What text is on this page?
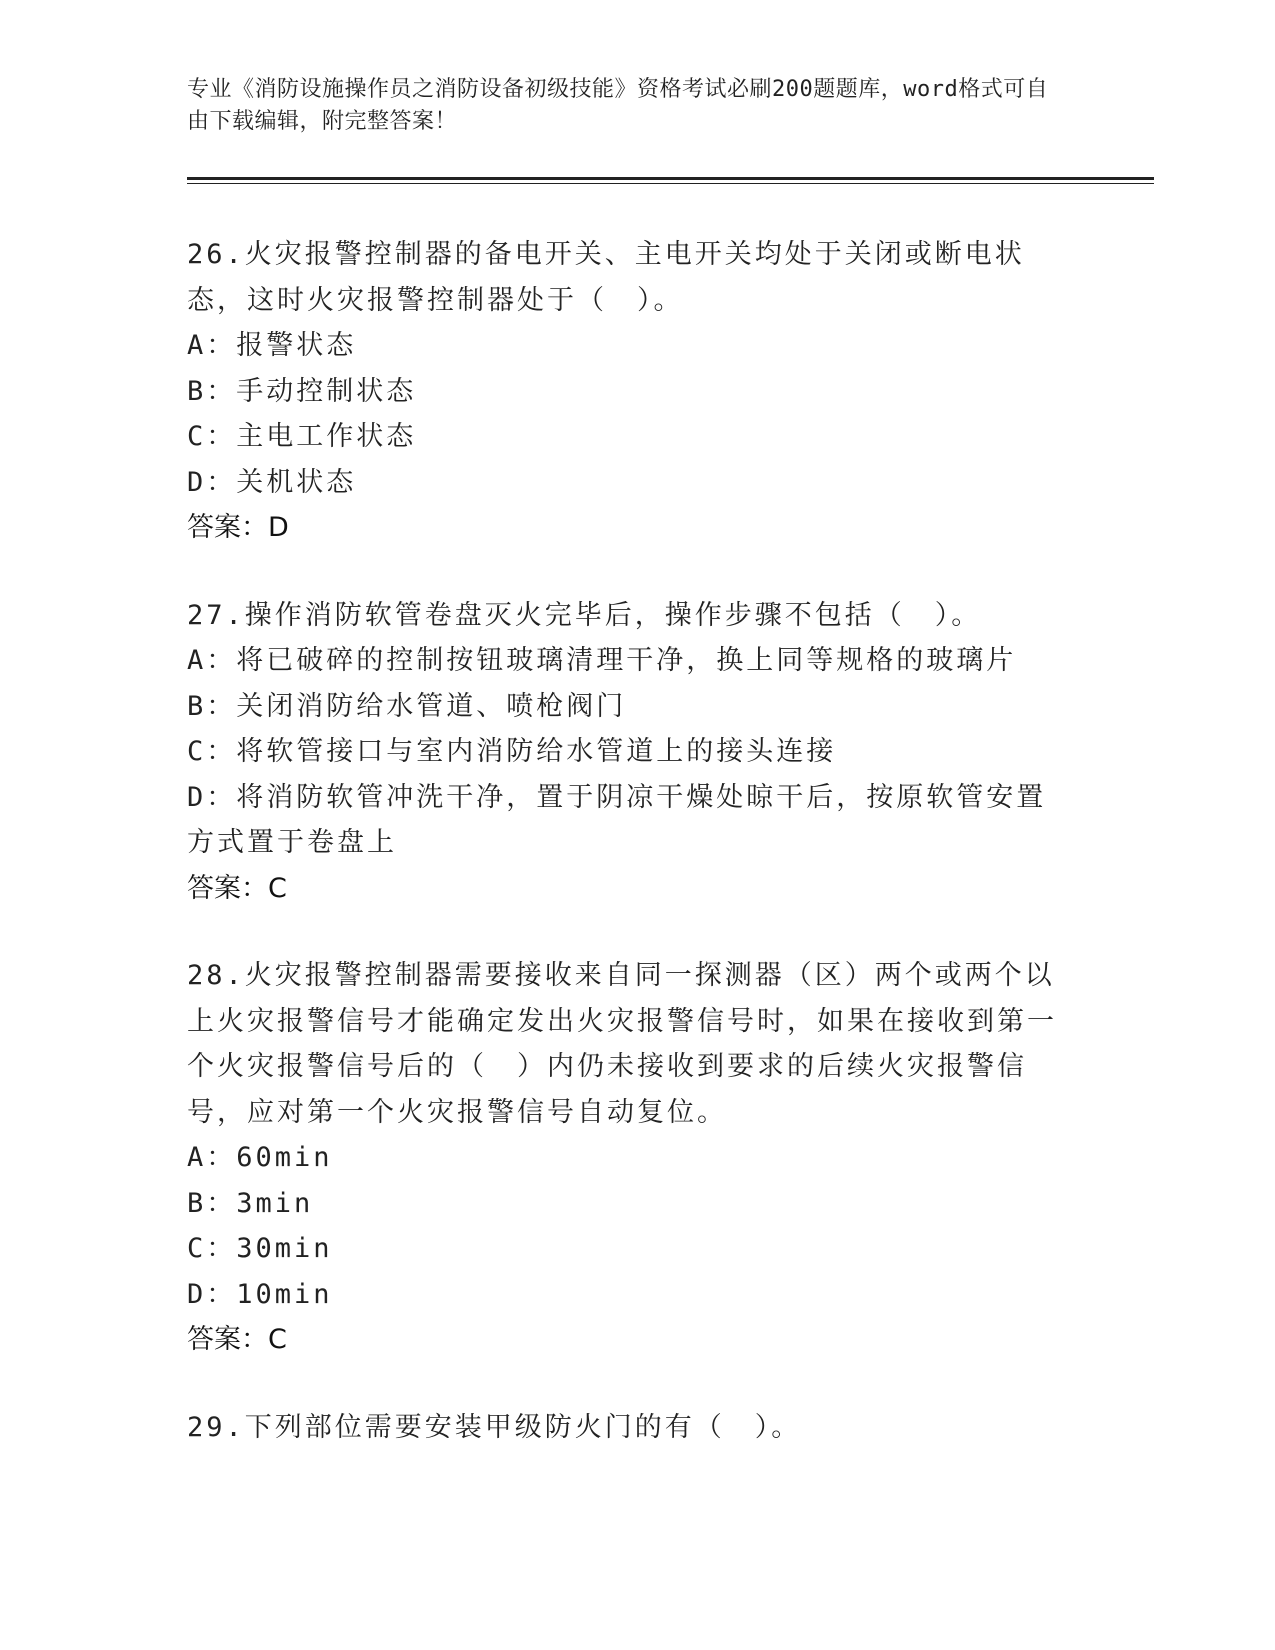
专业《消防设施操作员之消防设备初级技能》资格考试必刷200题题库，word格式可自由下载编辑，附完整答案！

26.火灾报警控制器的备电开关、主电开关均处于关闭或断电状态，这时火灾报警控制器处于（　）。

A：报警状态

B：手动控制状态

C：主电工作状态

D：关机状态

答案：D

27.操作消防软管卷盘灭火完毕后，操作步骤不包括（　）。

A：将已破碎的控制按钮玻璃清理干净，换上同等规格的玻璃片

B：关闭消防给水管道、喷枪阀门

C：将软管接口与室内消防给水管道上的接头连接

D：将消防软管冲洗干净，置于阴凉干燥处晾干后，按原软管安置方式置于卷盘上

答案：C

28.火灾报警控制器需要接收来自同一探测器（区）两个或两个以上火灾报警信号才能确定发出火灾报警信号时，如果在接收到第一个火灾报警信号后的（　）内仍未接收到要求的后续火灾报警信号，应对第一个火灾报警信号自动复位。

A：60min

B：3min

C：30min

D：10min

答案：C

29.下列部位需要安装甲级防火门的有（　）。
